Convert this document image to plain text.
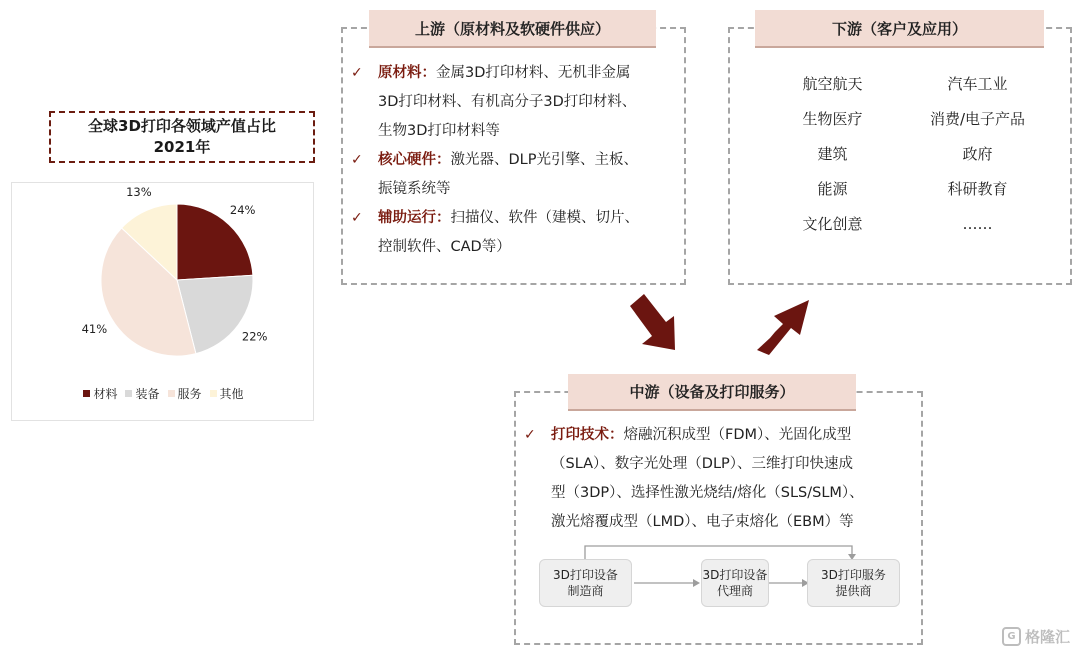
全球3D打印各领域产值占比
2021年
24%
22%
41%
13%
材料 装备 服务 其他
上游（原材料及软硬件供应）
✓ 原材料：金属3D打印材料、无机非金属
3D打印材料、有机高分子3D打印材料、
生物3D打印材料等
✓ 核心硬件：激光器、DLP光引擎、主板、
振镜系统等
✓ 辅助运行：扫描仪、软件（建模、切片、
控制软件、CAD等）
下游（客户及应用）
航空航天	汽车工业
生物医疗	消费/电子产品
建筑	政府
能源	科研教育
文化创意	……
中游（设备及打印服务）
✓ 打印技术：熔融沉积成型（FDM）、光固化成型
（SLA）、数字光处理（DLP）、三维打印快速成
型（3DP）、选择性激光烧结/熔化（SLS/SLM）、
激光熔覆成型（LMD）、电子束熔化（EBM）等
3D打印设备
制造商
3D打印设备
代理商
3D打印服务
提供商
G 格隆汇
